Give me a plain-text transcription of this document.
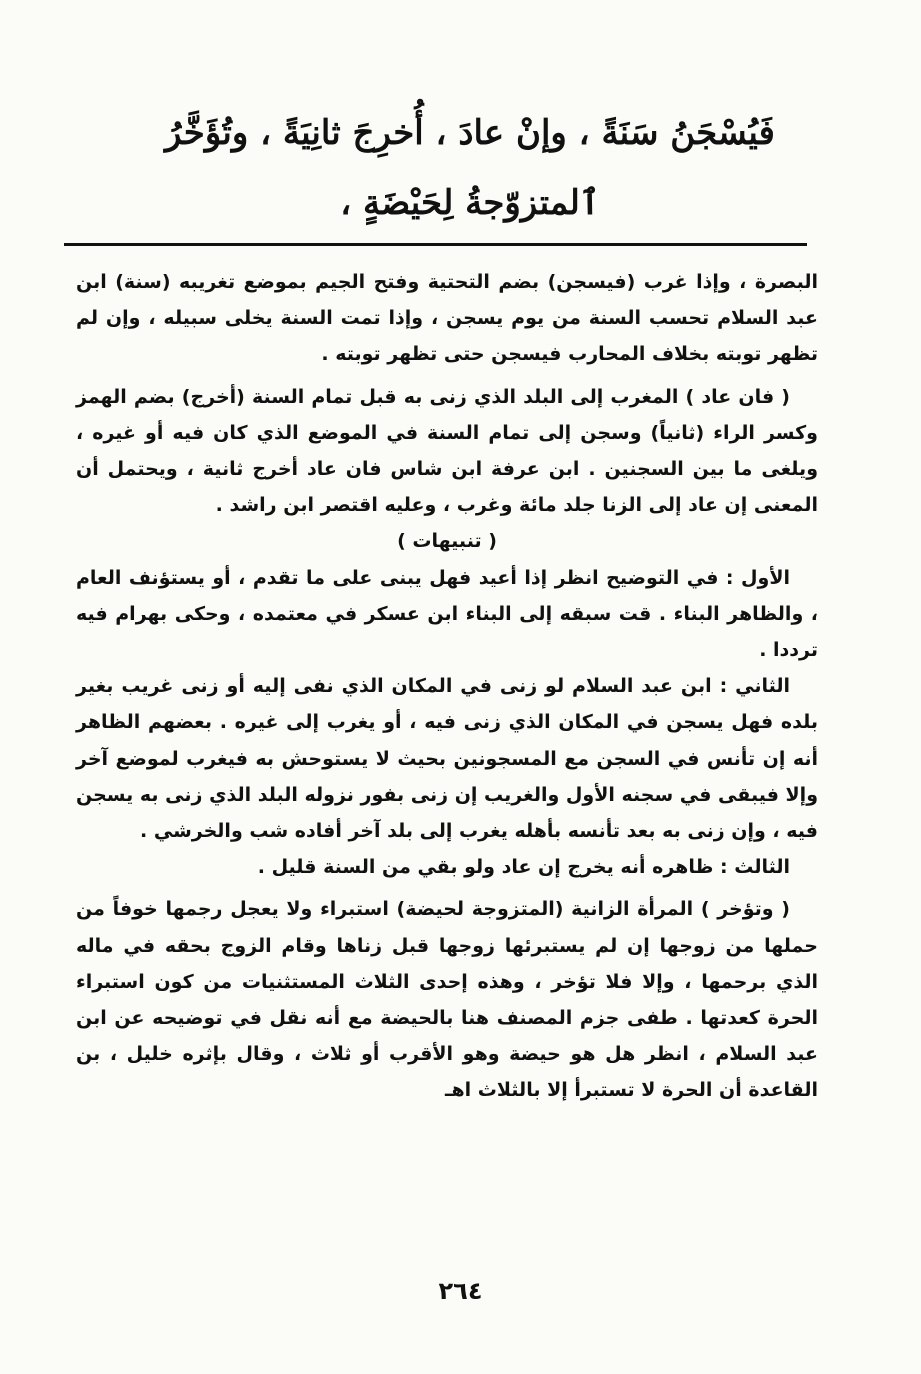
فَيُسْجَنُ سَنَةً ، وإنْ عادَ ، أُخرِجَ ثانِيَةً ، وتُؤَخَّرُ
ٱلمتزوّجةُ لِحَيْضَةٍ ،

البصرة ، وإذا غرب (فيسجن) بضم التحتية وفتح الجيم بموضع تغريبه (سنة) ابن عبد السلام تحسب السنة من يوم يسجن ، وإذا تمت السنة يخلى سبيله ، وإن لم تظهر توبته بخلاف المحارب فيسجن حتى تظهر توبته .

( فان عاد ) المغرب إلى البلد الذي زنى به قبل تمام السنة (أخرج) بضم الهمز وكسر الراء (ثانياً) وسجن إلى تمام السنة في الموضع الذي كان فيه أو غيره ، ويلغى ما بين السجنين . ابن عرفة ابن شاس فان عاد أخرج ثانية ، ويحتمل أن المعنى إن عاد إلى الزنا جلد مائة وغرب ، وعليه اقتصر ابن راشد .

( تنبيهات )

الأول : في التوضيح انظر إذا أعيد فهل يبنى على ما تقدم ، أو يستؤنف العام ، والظاهر البناء . قت سبقه إلى البناء ابن عسكر في معتمده ، وحكى بهرام فيه ترددا .

الثاني : ابن عبد السلام لو زنى في المكان الذي نفى إليه أو زنى غريب بغير بلده فهل يسجن في المكان الذي زنى فيه ، أو يغرب إلى غيره . بعضهم الظاهر أنه إن تأنس في السجن مع المسجونين بحيث لا يستوحش به فيغرب لموضع آخر وإلا فيبقى في سجنه الأول والغريب إن زنى بفور نزوله البلد الذي زنى به يسجن فيه ، وإن زنى به بعد تأنسه بأهله يغرب إلى بلد آخر أفاده شب والخرشي .

الثالث : ظاهره أنه يخرج إن عاد ولو بقي من السنة قليل .

( وتؤخر ) المرأة الزانية (المتزوجة لحيضة) استبراء ولا يعجل رجمها خوفاً من حملها من زوجها إن لم يستبرئها زوجها قبل زناها وقام الزوج بحقه في ماله الذي برحمها ، وإلا فلا تؤخر ، وهذه إحدى الثلاث المستثنيات من كون استبراء الحرة كعدتها . طفى جزم المصنف هنا بالحيضة مع أنه نقل في توضيحه عن ابن عبد السلام ، انظر هل هو حيضة وهو الأقرب أو ثلاث ، وقال بإثره خليل ، بن القاعدة أن الحرة لا تستبرأ إلا بالثلاث اهـ

٢٦٤
